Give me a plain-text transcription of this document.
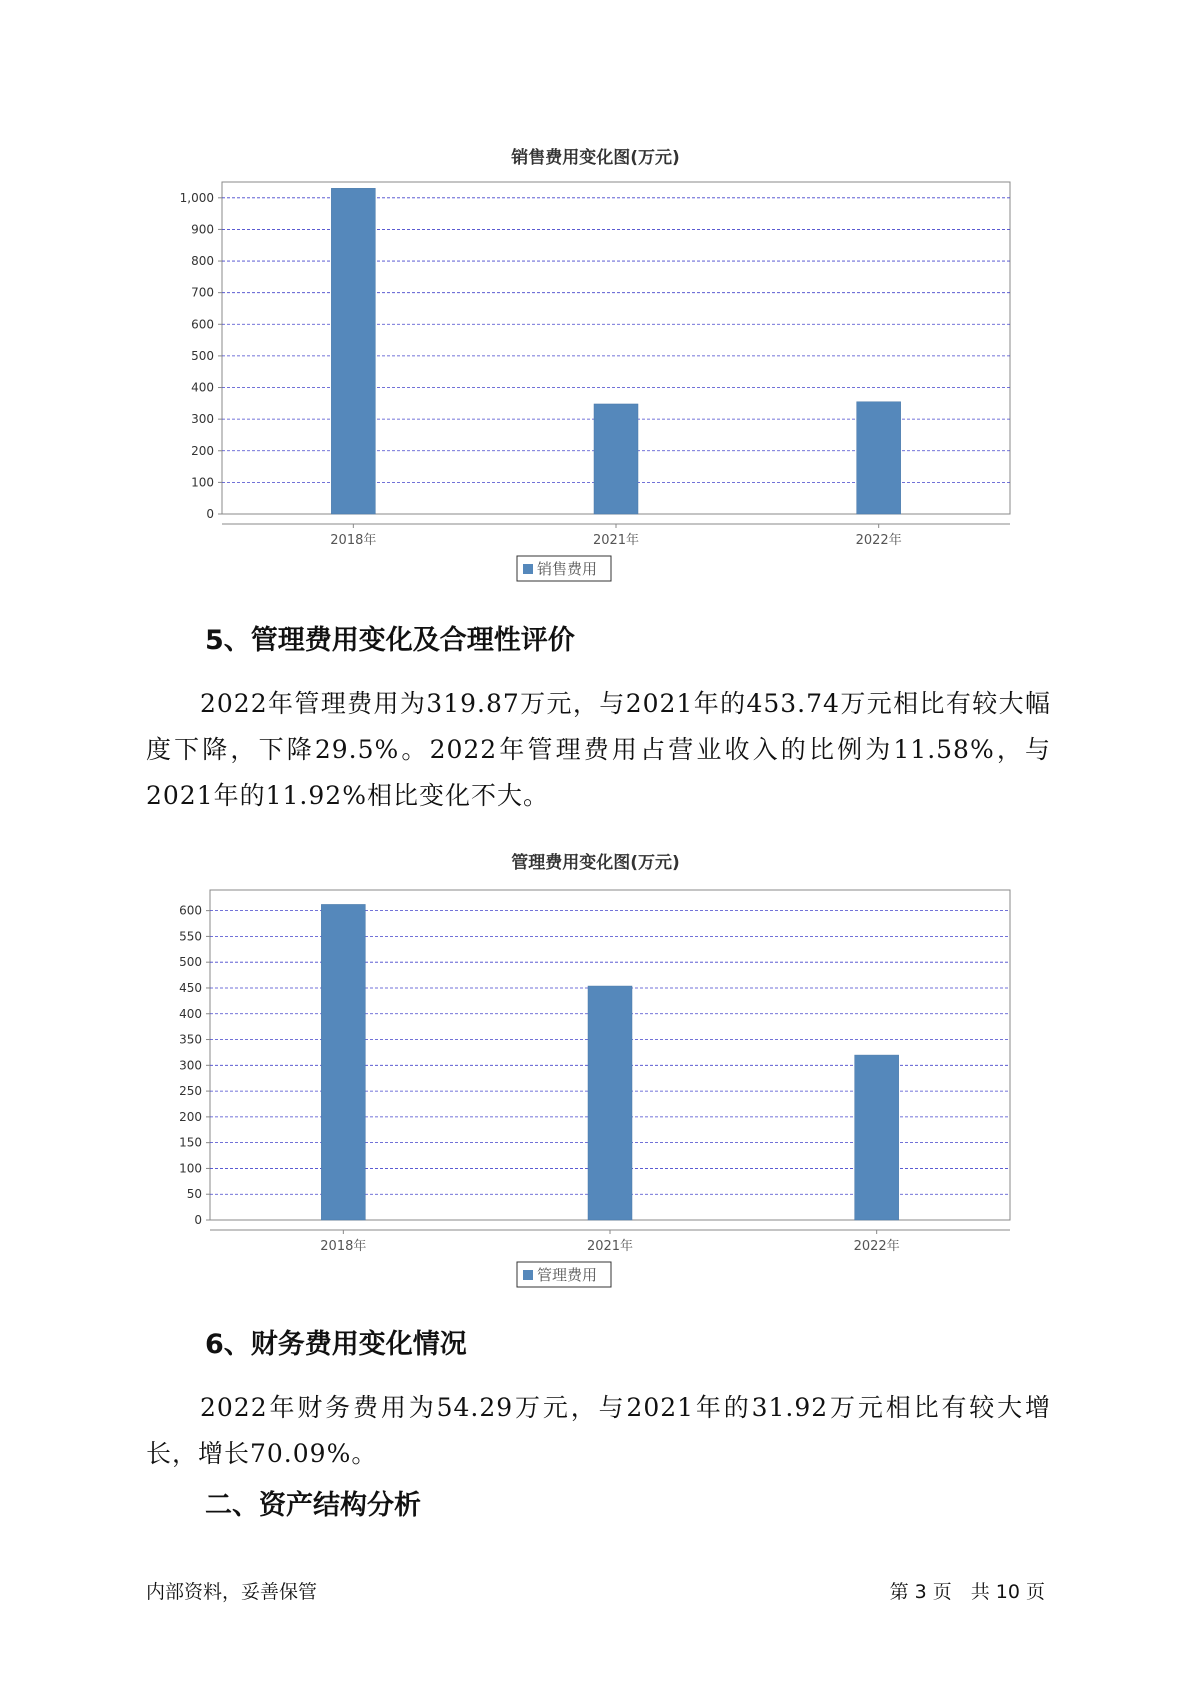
销售费用变化图(万元)
0
100
200
300
400
500
600
700
800
900
1,000
2018年	2021年	2022年
销售费用
5、管理费用变化及合理性评价

2022年管理费用为319.87万元，与2021年的453.74万元相比有较大幅度下降，下降29.5%。2022年管理费用占营业收入的比例为11.58%，与2021年的11.92%相比变化不大。

管理费用变化图(万元)
0
50
100
150
200
250
300
350
400
450
500
550
600
2018年	2021年	2022年
管理费用
6、财务费用变化情况

2022年财务费用为54.29万元，与2021年的31.92万元相比有较大增长，增长70.09%。

二、资产结构分析
内部资料，妥善保管	第 3 页　共 10 页
